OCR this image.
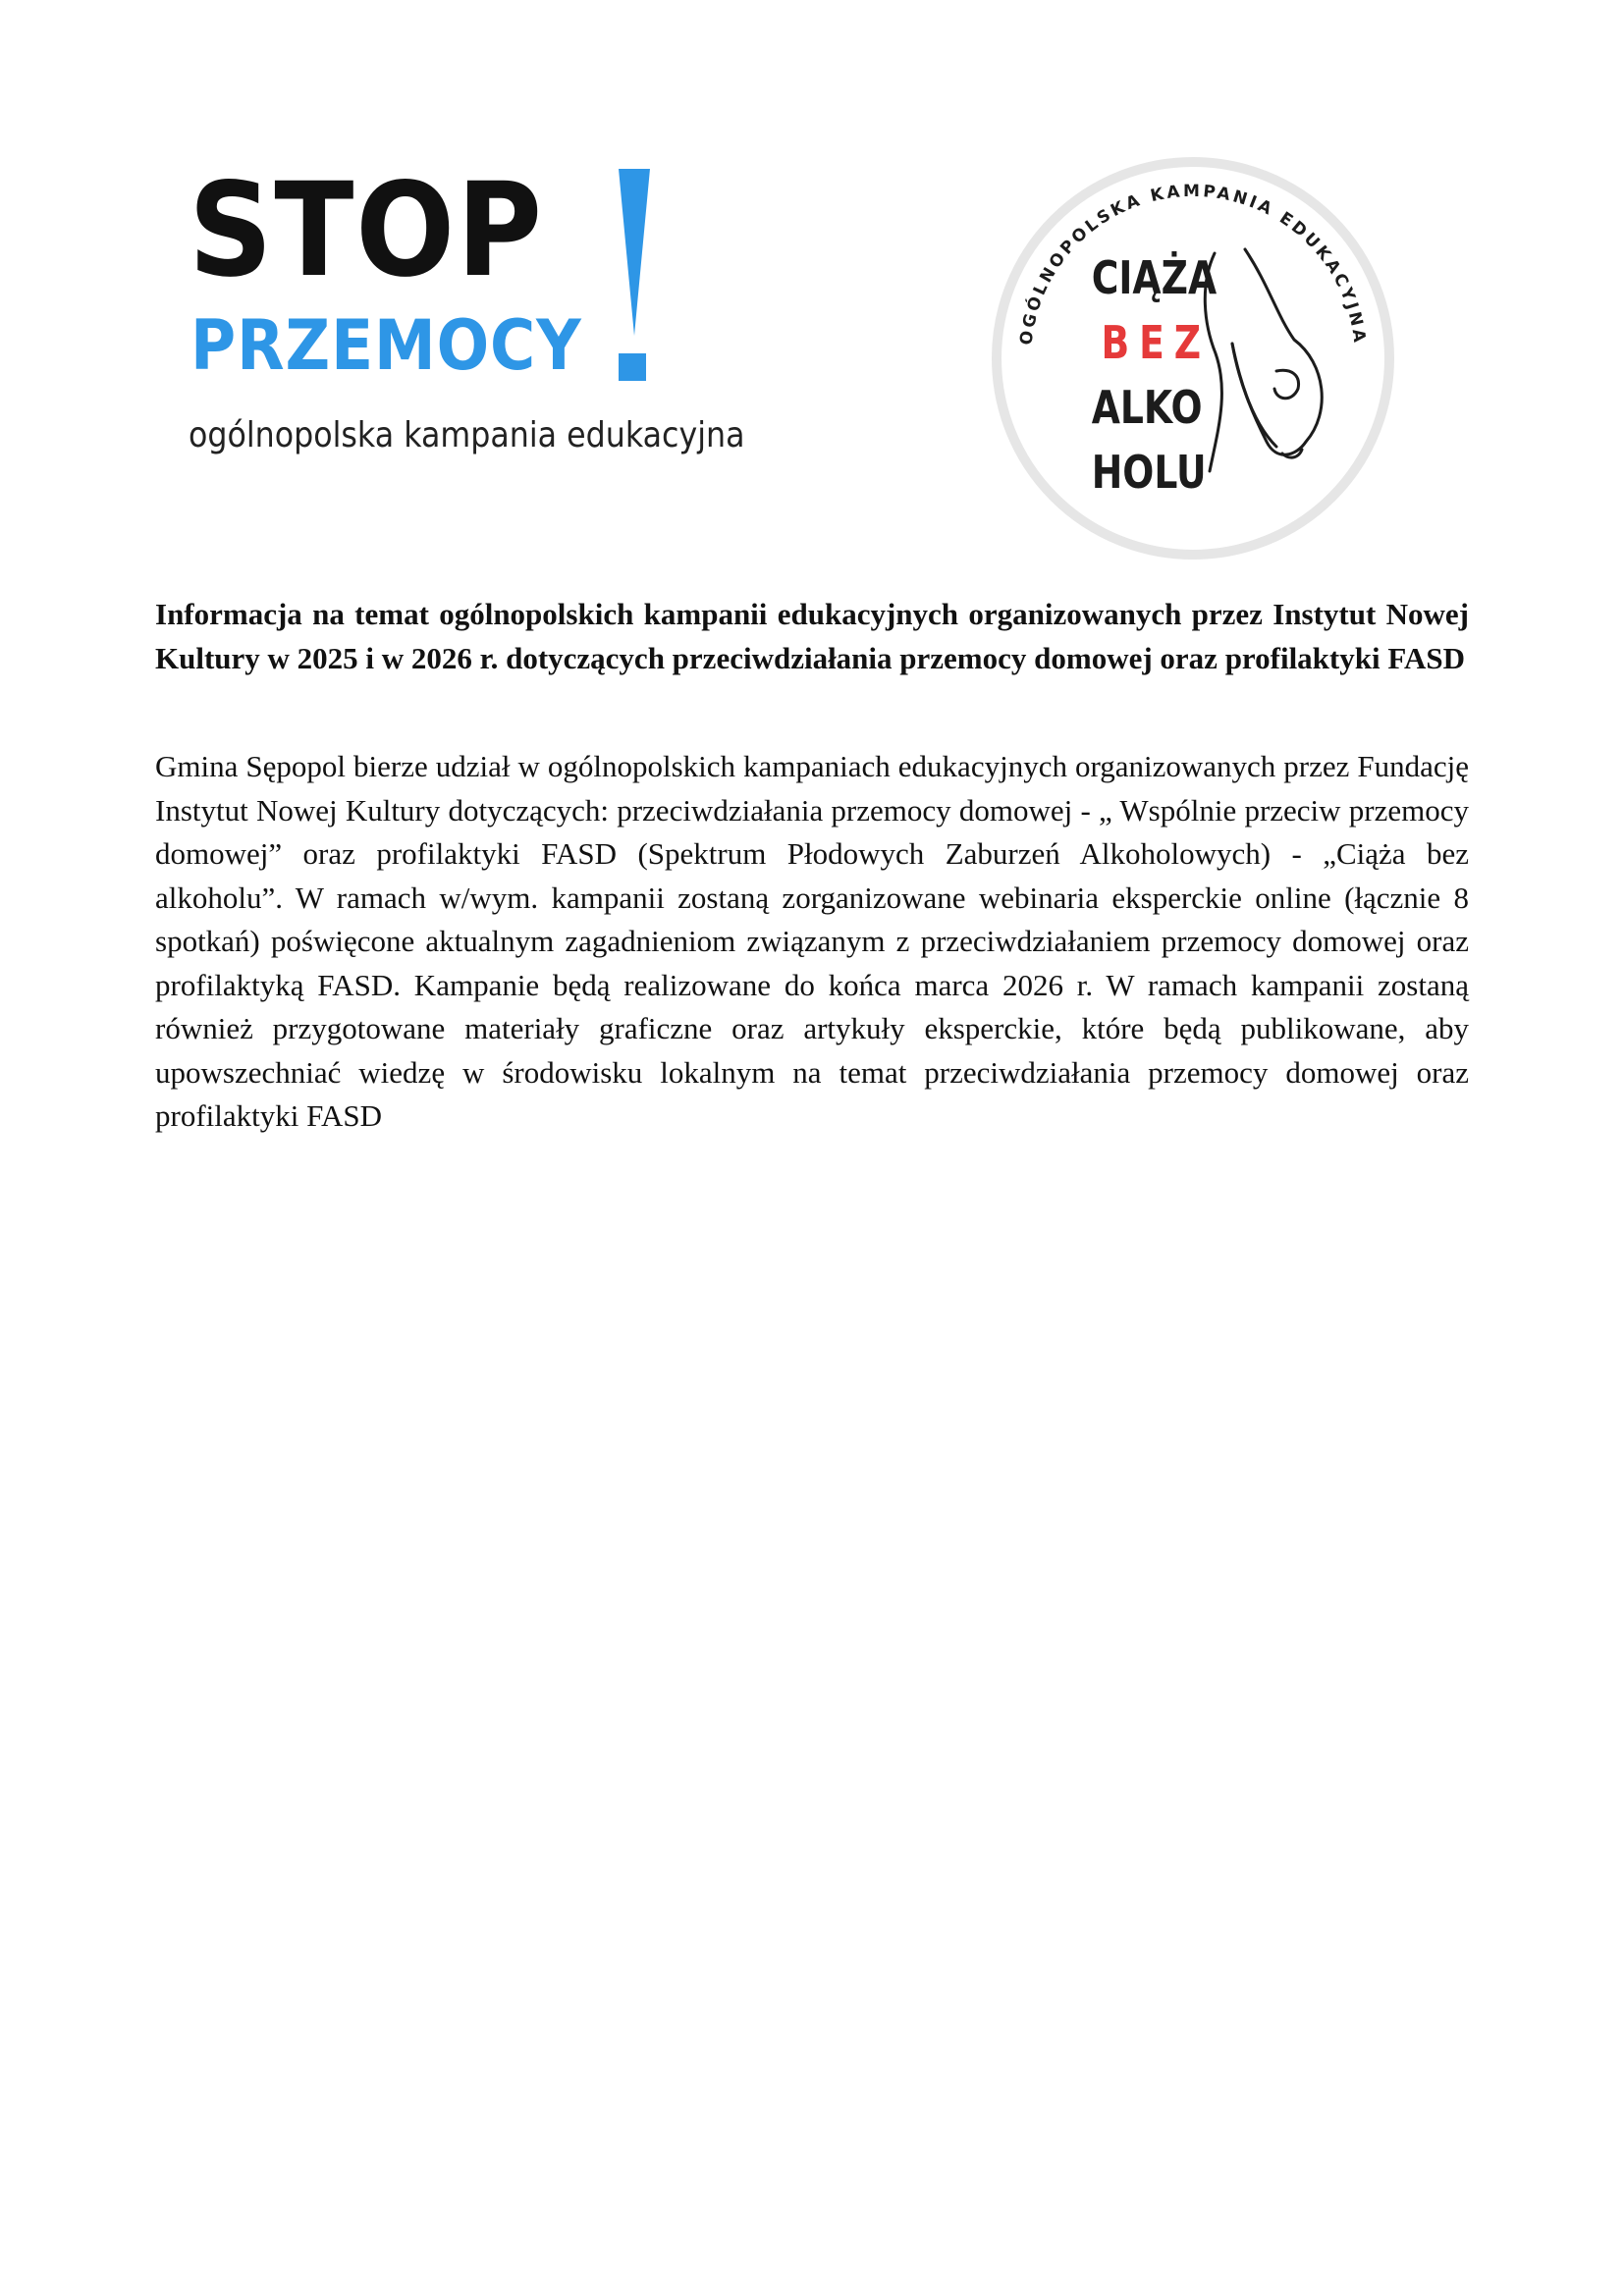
STOP
PRZEMOCY
ogólnopolska kampania edukacyjna
OGÓLNOPOLSKA KAMPANIA EDUKACYJNA
CIĄŻA
BEZ
ALKO
HOLU

Informacja na temat ogólnopolskich kampanii edukacyjnych organizowanych przez Instytut Nowej Kultury w 2025 i w 2026 r. dotyczących przeciwdziałania przemocy domowej oraz profilaktyki FASD

Gmina Sępopol bierze udział w ogólnopolskich kampaniach edukacyjnych organizowanych przez Fundację Instytut Nowej Kultury dotyczących: przeciwdziałania przemocy domowej - „ Wspólnie przeciw przemocy domowej” oraz profilaktyki FASD (Spektrum Płodowych Zaburzeń Alkoholowych) - „Ciąża bez alkoholu”. W ramach w/wym. kampanii zostaną zorganizowane webinaria eksperckie online (łącznie 8 spotkań) poświęcone aktualnym zagadnieniom związanym z przeciwdziałaniem przemocy domowej oraz profilaktyką FASD. Kampanie będą realizowane do końca marca 2026 r. W ramach kampanii zostaną również przygotowane materiały graficzne oraz artykuły eksperckie, które będą publikowane, aby upowszechniać wiedzę w środowisku lokalnym na temat przeciwdziałania przemocy domowej oraz profilaktyki FASD
